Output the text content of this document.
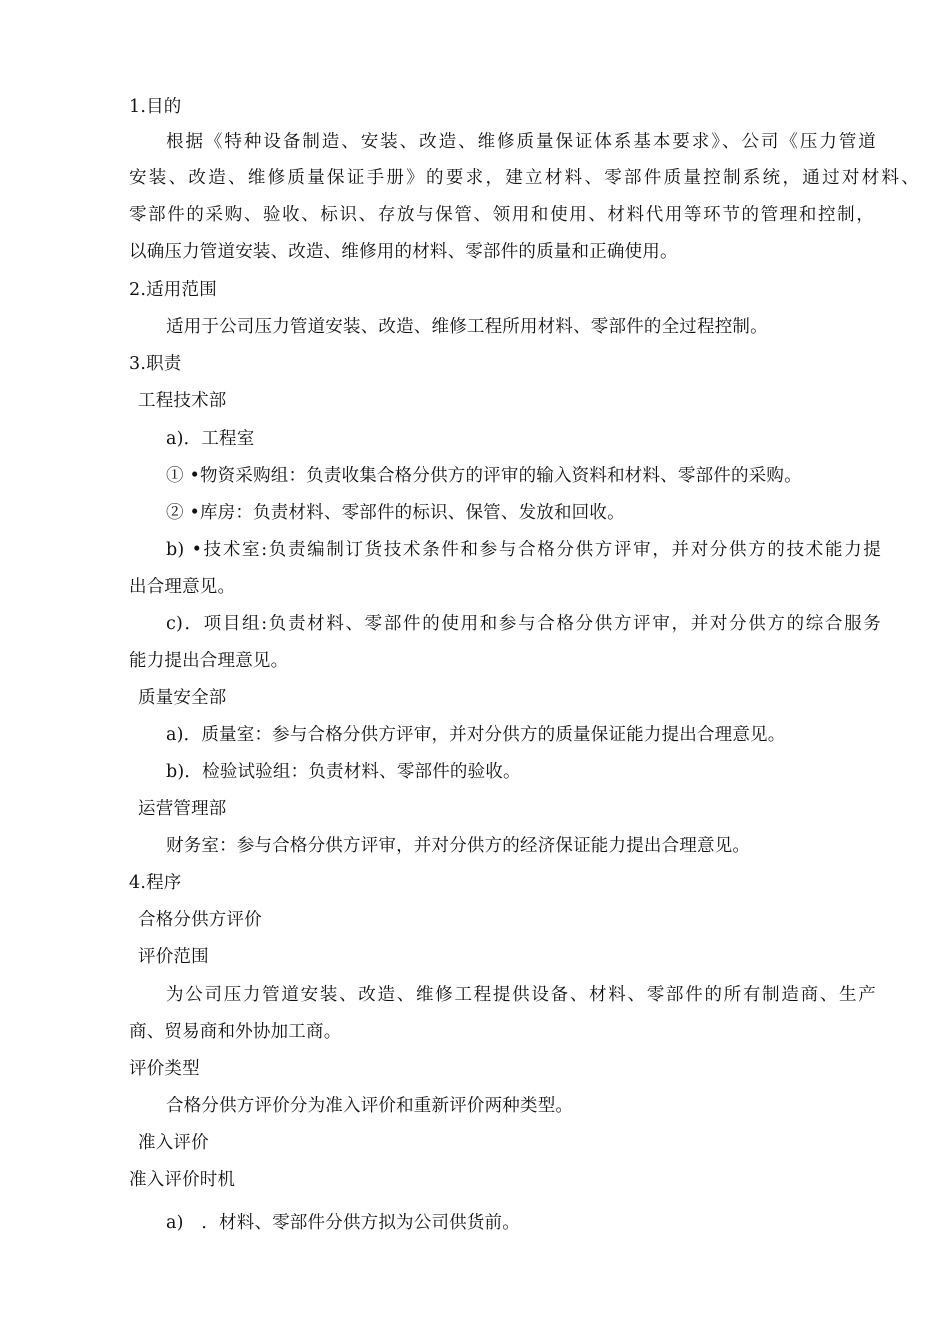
1.目的
根据《特种设备制造、安装、改造、维修质量保证体系基本要求》、公司《压力管道
安装、改造、维修质量保证手册》的要求，建立材料、零部件质量控制系统，通过对材料、
零部件的采购、验收、标识、存放与保管、领用和使用、材料代用等环节的管理和控制，
以确压力管道安装、改造、维修用的材料、零部件的质量和正确使用。
2.适用范围
适用于公司压力管道安装、改造、维修工程所用材料、零部件的全过程控制。
3.职责
工程技术部
a)．工程室
① •物资采购组：负责收集合格分供方的评审的输入资料和材料、零部件的采购。
② •库房：负责材料、零部件的标识、保管、发放和回收。
b) •技术室:负责编制订货技术条件和参与合格分供方评审，并对分供方的技术能力提
出合理意见。
c)．项目组:负责材料、零部件的使用和参与合格分供方评审，并对分供方的综合服务
能力提出合理意见。
质量安全部
a)．质量室：参与合格分供方评审，并对分供方的质量保证能力提出合理意见。
b)．检验试验组：负责材料、零部件的验收。
运营管理部
财务室：参与合格分供方评审，并对分供方的经济保证能力提出合理意见。
4.程序
合格分供方评价
评价范围
为公司压力管道安装、改造、维修工程提供设备、材料、零部件的所有制造商、生产
商、贸易商和外协加工商。
评价类型
合格分供方评价分为准入评价和重新评价两种类型。
准入评价
准入评价时机
a)　．材料、零部件分供方拟为公司供货前。
